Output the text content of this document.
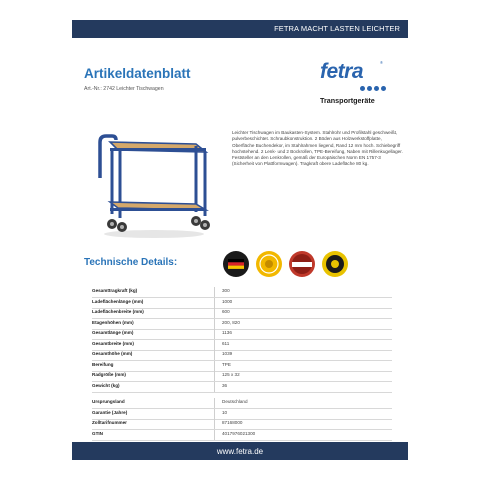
FETRA MACHT LASTEN LEICHTER
Artikeldatenblatt
Art.-Nr.: 2742 Leichter Tischwagen
fetra	®
Transportgeräte
Leichter Tischwagen im Baukasten-System. Stahlrohr und Profilstahl geschweißt, pulverbeschichtet. Schraubkonstruktion. 2 Böden aus Holzwerkstoffplatte, Oberfläche Buchendekor, im Stahlrahmen liegend, Rand 12 mm hoch. Schiebegriff hochstehend. 2 Lenk- und 2 Bockrollen, TPE-Bereifung, Naben mit Rillenkugellager. Feststeller an den Lenkrollen, gemäß der Europäischen Norm EN 1757-3 (Sicherheit von Plattformwagen). Tragkraft obere Ladefläche 80 kg.
Technische Details:
Gesamttragkraft (kg)	300
Ladeflächenlänge (mm)	1000
Ladeflächenbreite (mm)	600
Etagenhöhen (mm)	200, 820
Gesamtlänge (mm)	1136
Gesamtbreite (mm)	611
Gesamthöhe (mm)	1039
Bereifung	TPE
Radgröße (mm)	125 x 32
Gewicht (kg)	36
Ursprungsland	Deutschland
Garantie (Jahre)	10
Zolltarifnummer	87168000
GTIN	4017976021300
www.fetra.de
